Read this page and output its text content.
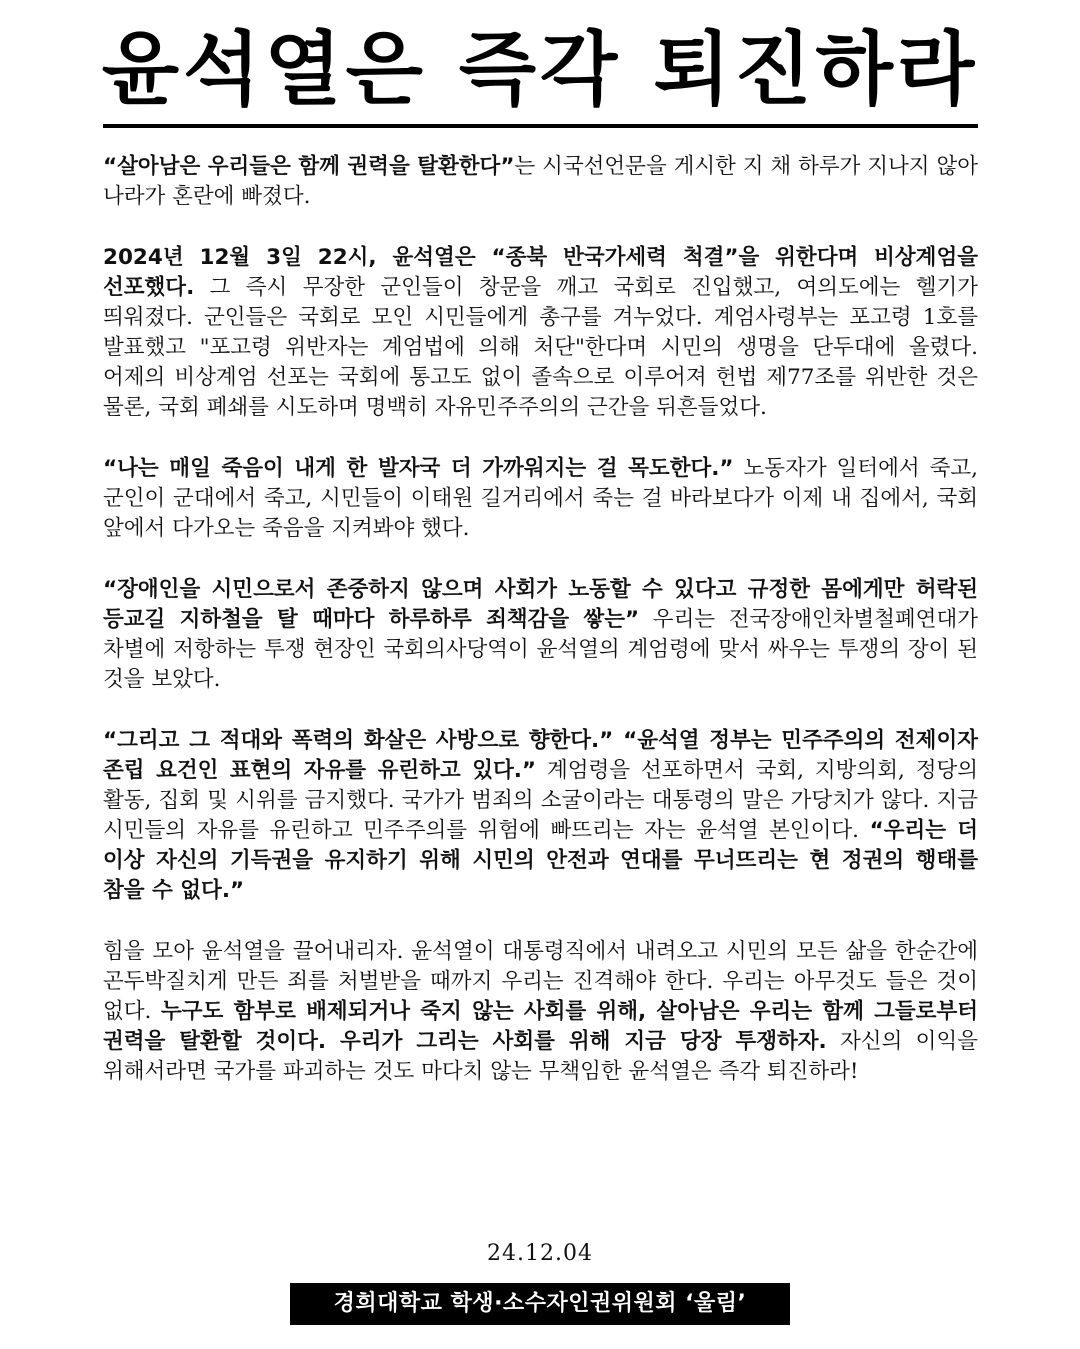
윤석열은 즉각 퇴진하라

“살아남은 우리들은 함께 권력을 탈환한다”는 시국선언문을 게시한 지 채 하루가 지나지 않아 나라가 혼란에 빠졌다.

2024년 12월 3일 22시, 윤석열은 “종북 반국가세력 척결”을 위한다며 비상계엄을 선포했다. 그 즉시 무장한 군인들이 창문을 깨고 국회로 진입했고, 여의도에는 헬기가 띄워졌다. 군인들은 국회로 모인 시민들에게 총구를 겨누었다. 계엄사령부는 포고령 1호를 발표했고 "포고령 위반자는 계엄법에 의해 처단"한다며 시민의 생명을 단두대에 올렸다. 어제의 비상계엄 선포는 국회에 통고도 없이 졸속으로 이루어져 헌법 제77조를 위반한 것은 물론, 국회 폐쇄를 시도하며 명백히 자유민주주의의 근간을 뒤흔들었다.

“나는 매일 죽음이 내게 한 발자국 더 가까워지는 걸 목도한다.” 노동자가 일터에서 죽고, 군인이 군대에서 죽고, 시민들이 이태원 길거리에서 죽는 걸 바라보다가 이제 내 집에서, 국회 앞에서 다가오는 죽음을 지켜봐야 했다.

“장애인을 시민으로서 존중하지 않으며 사회가 노동할 수 있다고 규정한 몸에게만 허락된 등교길 지하철을 탈 때마다 하루하루 죄책감을 쌓는” 우리는 전국장애인차별철폐연대가 차별에 저항하는 투쟁 현장인 국회의사당역이 윤석열의 계엄령에 맞서 싸우는 투쟁의 장이 된 것을 보았다.

“그리고 그 적대와 폭력의 화살은 사방으로 향한다.” “윤석열 정부는 민주주의의 전제이자 존립 요건인 표현의 자유를 유린하고 있다.” 계엄령을 선포하면서 국회, 지방의회, 정당의 활동, 집회 및 시위를 금지했다. 국가가 범죄의 소굴이라는 대통령의 말은 가당치가 않다. 지금 시민들의 자유를 유린하고 민주주의를 위험에 빠뜨리는 자는 윤석열 본인이다. “우리는 더 이상 자신의 기득권을 유지하기 위해 시민의 안전과 연대를 무너뜨리는 현 정권의 행태를 참을 수 없다.”

힘을 모아 윤석열을 끌어내리자. 윤석열이 대통령직에서 내려오고 시민의 모든 삶을 한순간에 곤두박질치게 만든 죄를 처벌받을 때까지 우리는 진격해야 한다. 우리는 아무것도 들은 것이 없다. 누구도 함부로 배제되거나 죽지 않는 사회를 위해, 살아남은 우리는 함께 그들로부터 권력을 탈환할 것이다. 우리가 그리는 사회를 위해 지금 당장 투쟁하자. 자신의 이익을 위해서라면 국가를 파괴하는 것도 마다치 않는 무책임한 윤석열은 즉각 퇴진하라!

24.12.04
경희대학교 학생·소수자인권위원회 ‘울림’
